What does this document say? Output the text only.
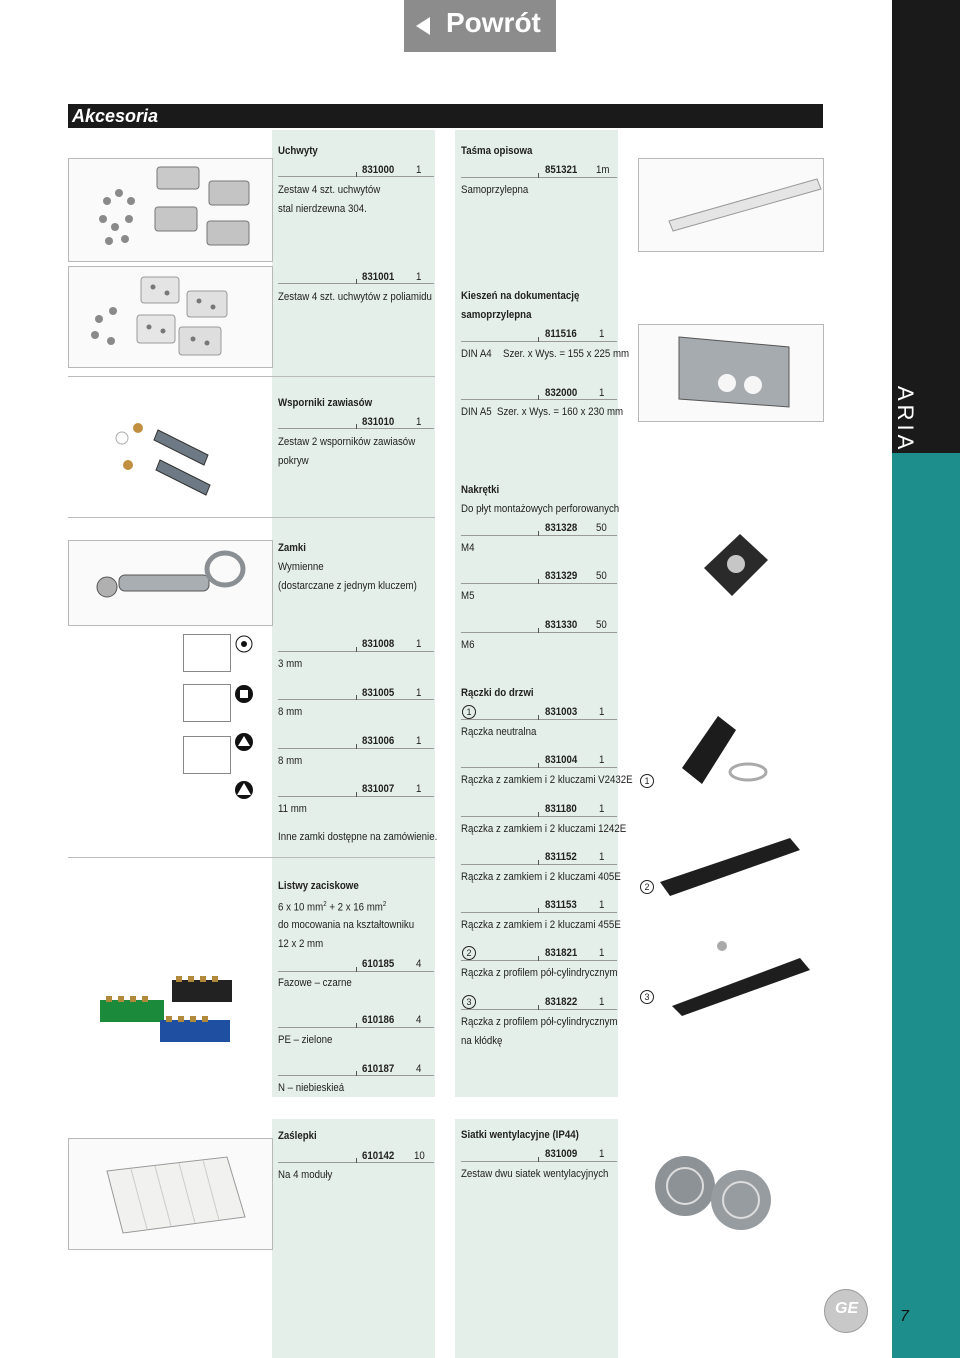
ARIA
7
Powrót
Akcesoria
1
2
3
GE
Uchwyty
831000 1
Zestaw 4 szt. uchwytów
stal nierdzewna 304.
831001 1
Zestaw 4 szt. uchwytów z poliamidu
Wsporniki zawiasów
831010 1
Zestaw 2 wsporników zawiasów
pokryw
Zamki
Wymienne
(dostarczane z jednym kluczem)
831008 1
3 mm
831005 1
8 mm
831006 1
8 mm
831007 1
11 mm
Inne zamki dostępne na zamówienie.
Listwy zaciskowe
6 x 10 $mm^2 + 2$ x 16 $mm^2$
do mocowania na kształtowniku
12 x 2 mm
610185 4
Fazowe – czarne
610186 4
PE – zielone
610187 4
N – niebieskieá
Zaślepki
610142 10
Na 4 moduły
Taśma opisowa
851321 1m
Samoprzylepna
Kieszeń na dokumentację
samoprzylepna
811516 1
DIN A4 Szer. x Wys. = 155 x 225 mm
832000 1
DIN A5 Szer. x Wys. = 160 x 230 mm
Nakrętki
Do płyt montażowych perforowanych
831328 50
M4
831329 50
M5
831330 50
M6
Rączki do drzwi
1	831003 1
Rączka neutralna
831004 1
Rączka z zamkiem i 2 kluczami V2432E
831180 1
Rączka z zamkiem i 2 kluczami 1242E
831152 1
Rączka z zamkiem i 2 kluczami 405E
831153 1
Rączka z zamkiem i 2 kluczami 455E
2	831821 1
Rączka z profilem pół-cylindrycznym
3	831822 1
Rączka z profilem pół-cylindrycznym
na kłódkę
Siatki wentylacyjne (IP44)
831009 1
Zestaw dwu siatek wentylacyjnych
